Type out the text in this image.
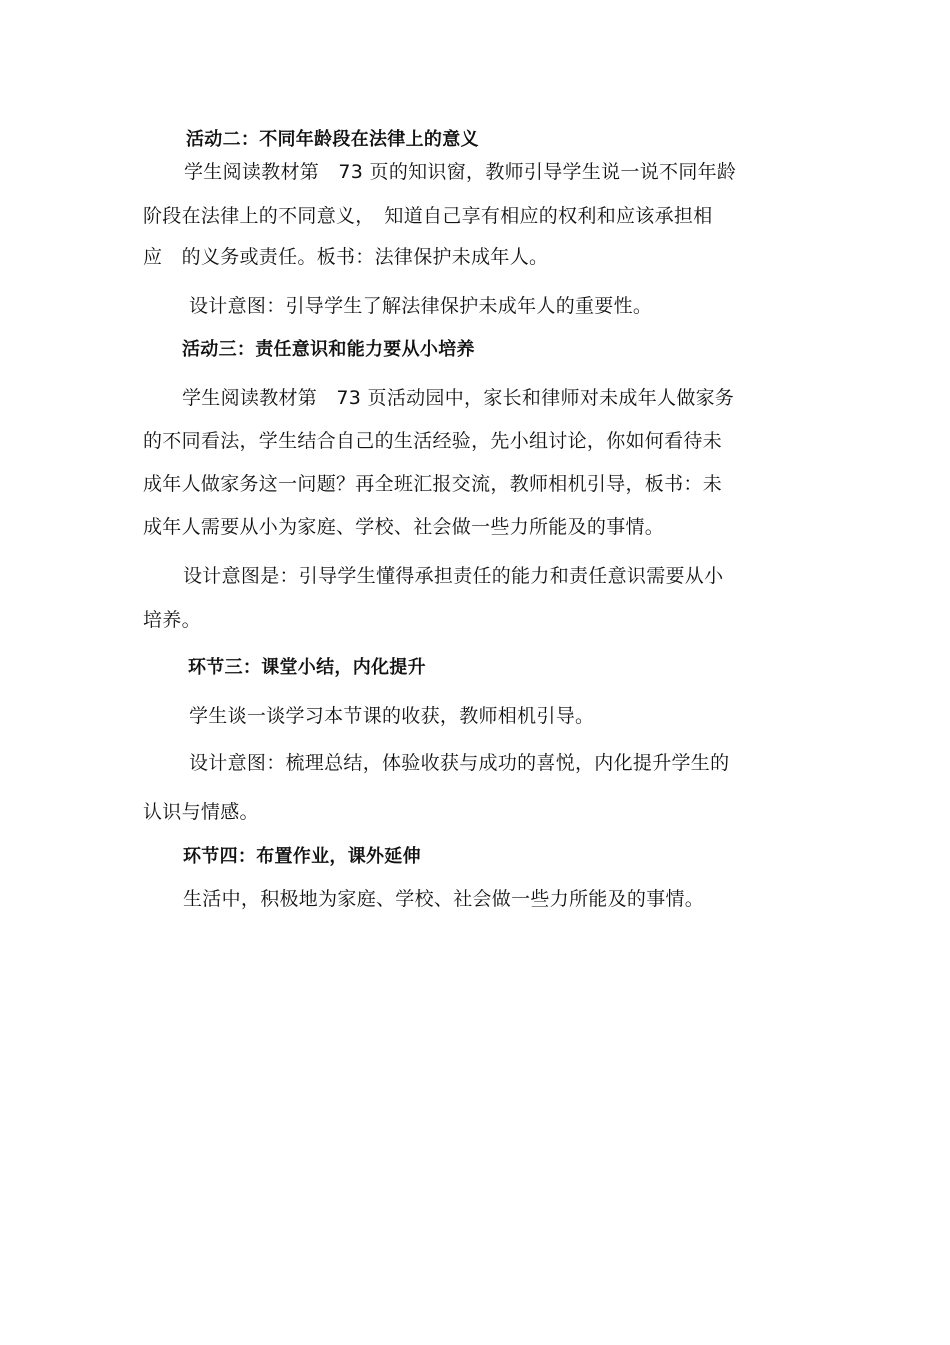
活动二：不同年龄段在法律上的意义
学生阅读教材第　73 页的知识窗，教师引导学生说一说不同年龄
阶段在法律上的不同意义，　知道自己享有相应的权利和应该承担相
应　的义务或责任。板书：法律保护未成年人。
设计意图：引导学生了解法律保护未成年人的重要性。
活动三：责任意识和能力要从小培养
学生阅读教材第　73 页活动园中，家长和律师对未成年人做家务
的不同看法，学生结合自己的生活经验，先小组讨论，你如何看待未
成年人做家务这一问题？再全班汇报交流，教师相机引导，板书：未
成年人需要从小为家庭、学校、社会做一些力所能及的事情。
设计意图是：引导学生懂得承担责任的能力和责任意识需要从小
培养。
环节三：课堂小结，内化提升
学生谈一谈学习本节课的收获，教师相机引导。
设计意图：梳理总结，体验收获与成功的喜悦，内化提升学生的
认识与情感。
环节四：布置作业，课外延伸
生活中，积极地为家庭、学校、社会做一些力所能及的事情。
